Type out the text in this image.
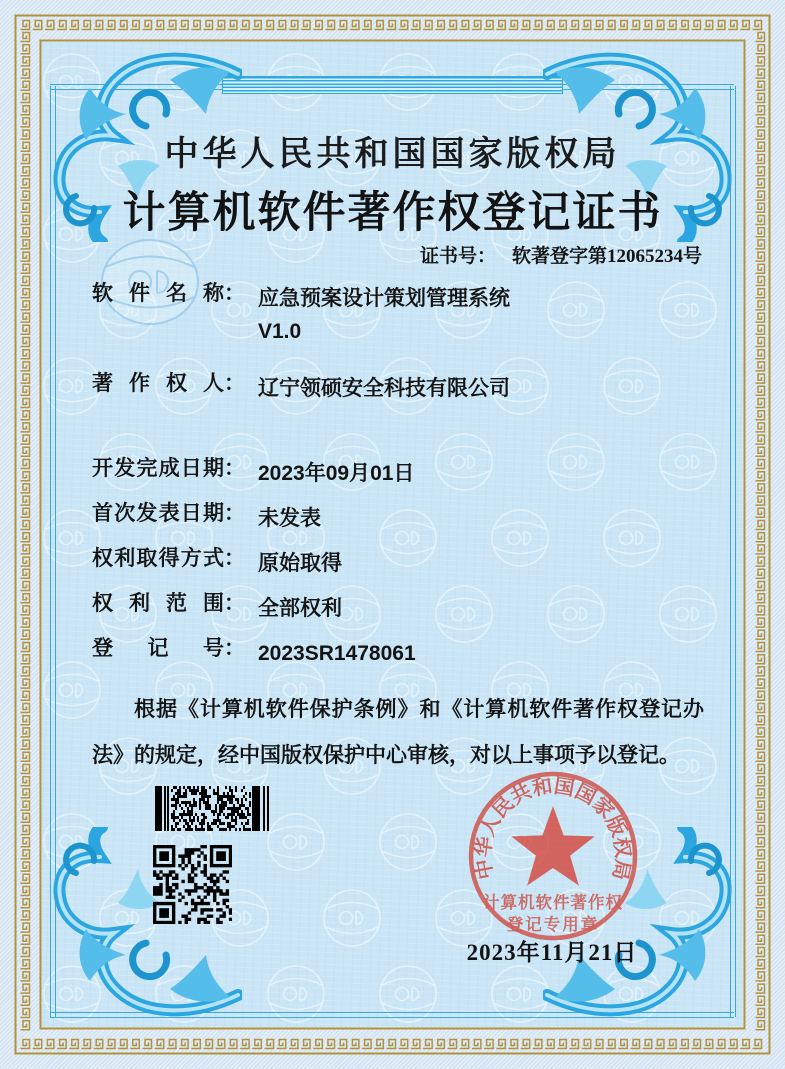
中华人民共和国国家版权局
计算机软件著作权登记证书
证书号： 软著登字第12065234号
软件名称： 应急预案设计策划管理系统
V1.0
著作权人： 辽宁领硕安全科技有限公司
开发完成日期： 2023年09月01日
首次发表日期： 未发表
权利取得方式： 原始取得
权利范围： 全部权利
登记号： 2023SR1478061
根据《计算机软件保护条例》和《计算机软件著作权登记办法》的规定，经中国版权保护中心审核，对以上事项予以登记。
中华人民共和国国家版权局
计算机软件著作权
登记专用章
2023年11月21日
